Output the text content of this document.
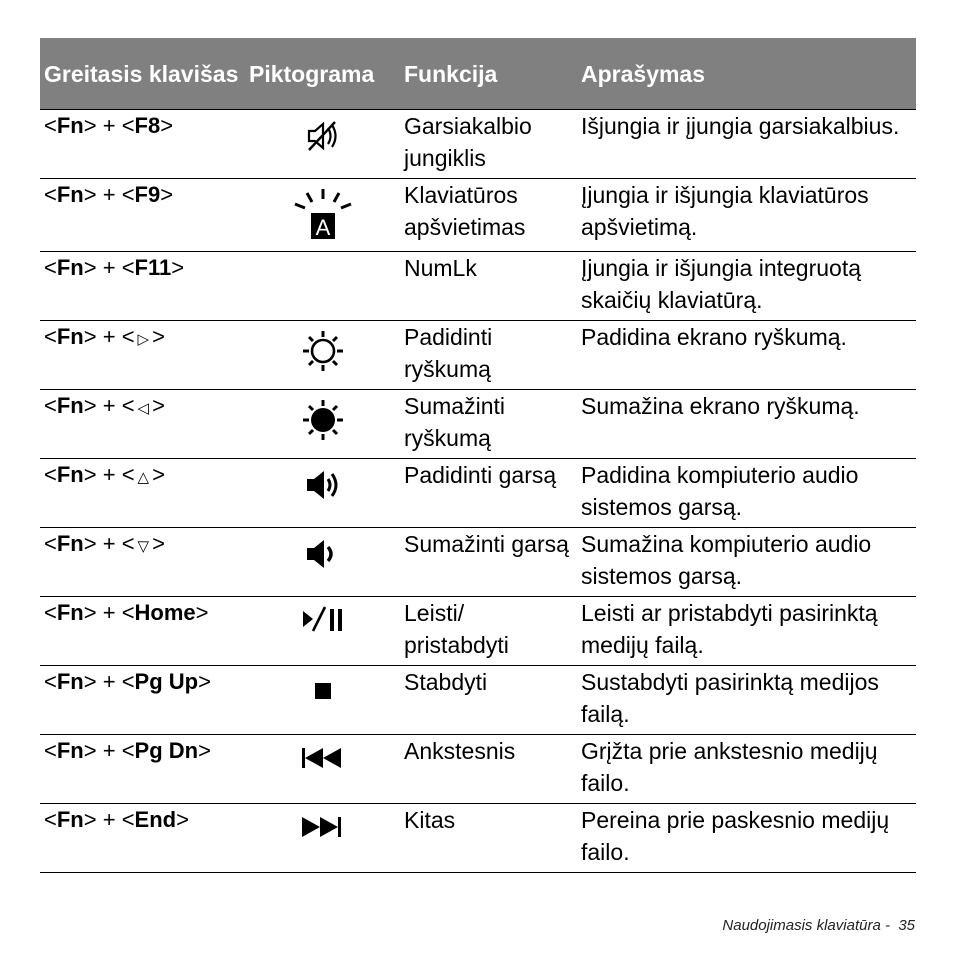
Greitasis klavišas	Piktograma	Funkcija	Aprašymas
<Fn> + <F8>		Garsiakalbio jungiklis	Išjungia ir įjungia garsiakalbius.
<Fn> + <F9>	A	Klaviatūros apšvietimas	Įjungia ir išjungia klaviatūros apšvietimą.
<Fn> + <F11>		NumLk	Įjungia ir išjungia integruotą skaičių klaviatūrą.
<Fn> + < ▷ >		Padidinti ryškumą	Padidina ekrano ryškumą.
<Fn> + < ◁ >		Sumažinti ryškumą	Sumažina ekrano ryškumą.
<Fn> + < △ >		Padidinti garsą	Padidina kompiuterio audio sistemos garsą.
<Fn> + < ▽ >		Sumažinti garsą	Sumažina kompiuterio audio sistemos garsą.
<Fn> + <Home>		Leisti/ pristabdyti	Leisti ar pristabdyti pasirinktą medijų failą.
<Fn> + <Pg Up>		Stabdyti	Sustabdyti pasirinktą medijos failą.
<Fn> + <Pg Dn>		Ankstesnis	Grįžta prie ankstesnio medijų failo.
<Fn> + <End>		Kitas	Pereina prie paskesnio medijų failo.
Naudojimasis klaviatūra - 35
